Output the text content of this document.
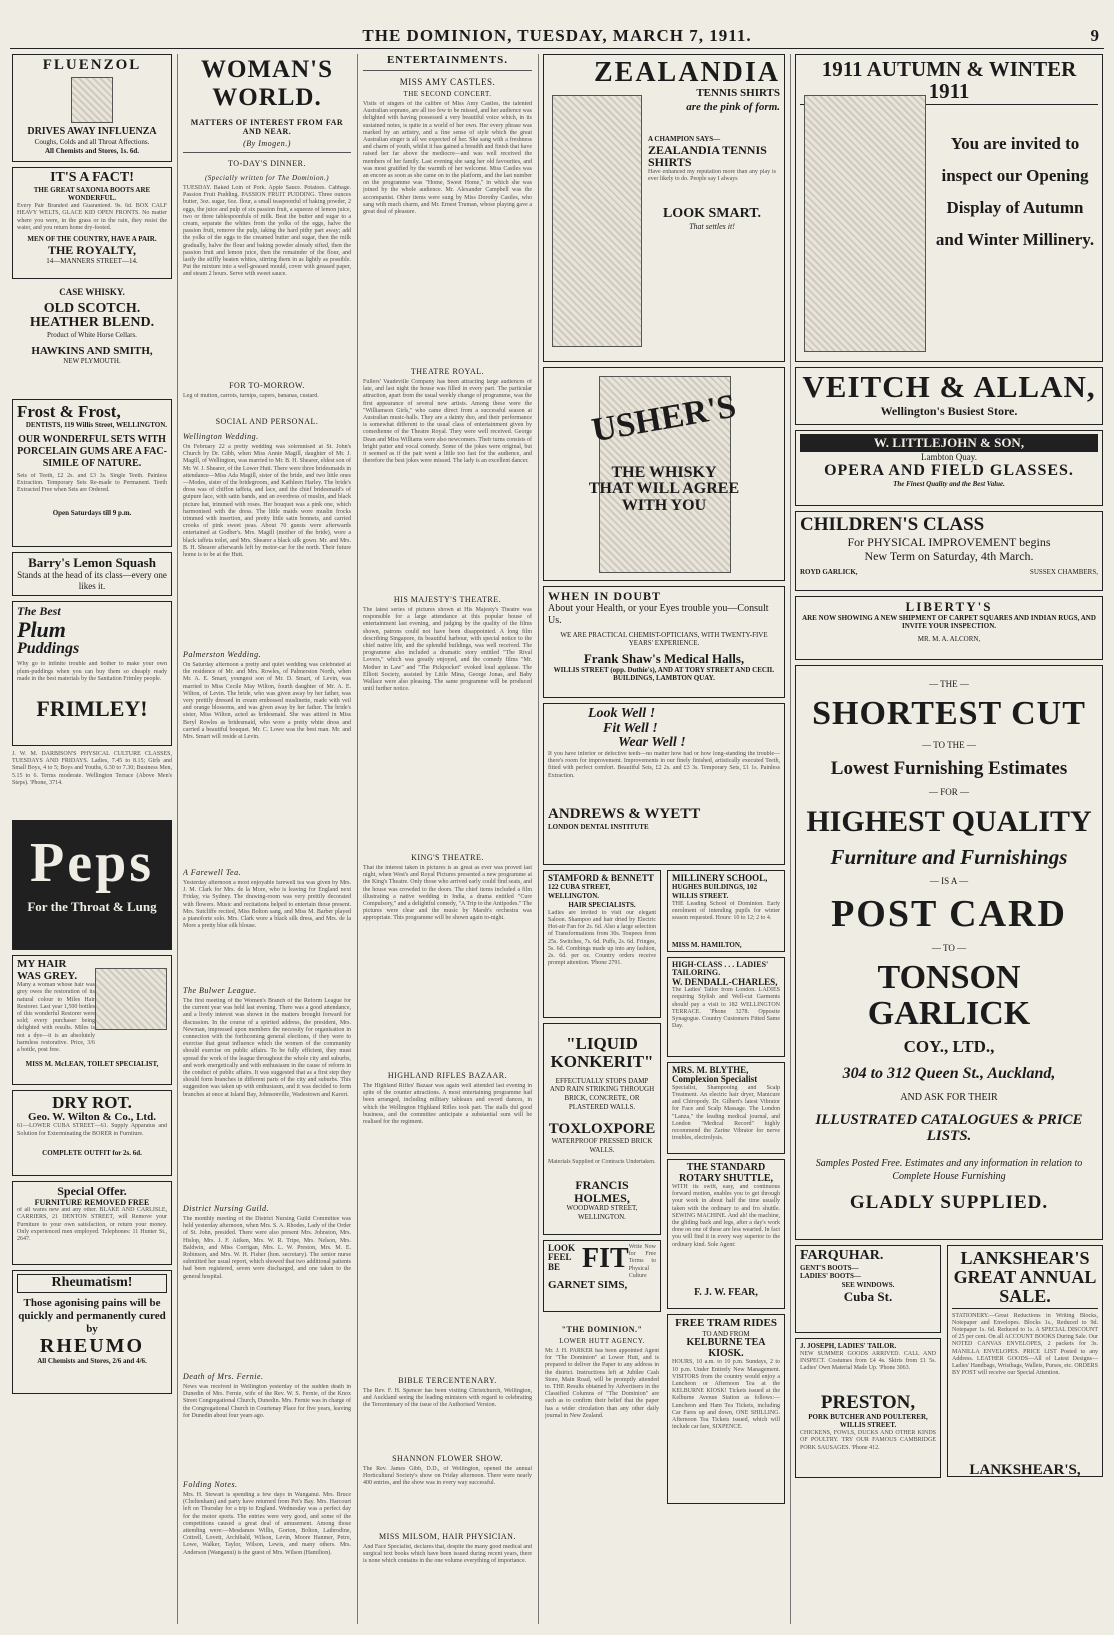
THE DOMINION, TUESDAY, MARCH 7, 1911.	9
FLUENZOL
DRIVES AWAY INFLUENZA
Coughs, Colds and all Throat Affections.
All Chemists and Stores, 1s. 6d.
IT'S A FACT!
THE GREAT SAXONIA BOOTS ARE WONDERFUL.
Every Pair Branded and Guaranteed. 9s. 6d. BOX CALF HEAVY WELTS, GLACE KID OPEN FRONTS. No matter where you were, in the grass or in the rain, they resist the water, and you return home dry-footed.
MEN OF THE COUNTRY, HAVE A PAIR.
THE ROYALTY,
14—MANNERS STREET—14.
CASE WHISKY.
OLD SCOTCH.
HEATHER BLEND.
Product of White Horse Cellars.
HAWKINS AND SMITH,
NEW PLYMOUTH.
Frost & Frost,
DENTISTS, 119 Willis Street, WELLINGTON.
OUR WONDERFUL SETS WITH PORCELAIN GUMS ARE A FAC-SIMILE OF NATURE.
Sets of Teeth, £2 2s. and £3 3s. Single Teeth. Painless Extraction. Temporary Sets Re-made to Permanent. Teeth Extracted Free when Sets are Ordered.
Open Saturdays till 9 p.m.
Barry's Lemon Squash
Stands at the head of its class—every one likes it.
The Best
Plum
Puddings
Why go to infinite trouble and bother to make your own plum-puddings when you can buy them so cheaply ready made in the best materials by the Sanitation Frimley people.
FRIMLEY!
J. W. M. DARBISON'S PHYSICAL CULTURE CLASSES, TUESDAYS AND FRIDAYS. Ladies, 7.45 to 8.15; Girls and Small Boys, 4 to 5; Boys and Youths, 6.30 to 7.30; Business Men, 5.15 to 6. Terms moderate. Wellington Terrace (Above Men's Steps). 'Phone, 3714.
Peps
For the Throat & Lung
MY HAIR WAS GREY.
Many a woman whose hair was grey owes the restoration of its natural colour to Miles Hair Restorer. Last year 1,500 bottles of this wonderful Restorer were sold; every purchaser being delighted with results. Miles is not a dye—it is an absolutely harmless restorative. Price, 3/6 a bottle, post free.
MISS M. McLEAN, TOILET SPECIALIST,
DRY ROT.
Geo. W. Wilton & Co., Ltd.
61—LOWER CUBA STREET—61. Supply Apparatus and Solution for Exterminating the BORER in Furniture.
COMPLETE OUTFIT for 2s. 6d.
Special Offer.
FURNITURE REMOVED FREE
of all wares new and any other. BLAKE AND CARLISLE, CARRIERS, 21 DENTON STREET, will Remove your Furniture to your own satisfaction, or return your money. Only experienced men employed. Telephones: 11 Hunter St., 2647.
Rheumatism!
Those agonising pains will be quickly and permanently cured by
RHEUMO
All Chemists and Stores, 2/6 and 4/6.
WOMAN'S WORLD.
MATTERS OF INTEREST FROM FAR AND NEAR.
(By Imogen.)
TO-DAY'S DINNER.
(Specially written for The Dominion.)
TUESDAY. Baked Loin of Pork. Apple Sauce. Potatoes. Cabbage. Passion Fruit Pudding. PASSION FRUIT PUDDING. Three ounces butter, 3oz. sugar, 6oz. flour, a small teaspoonful of baking powder, 2 eggs, the juice and pulp of six passion fruit, a squeeze of lemon juice, two or three tablespoonfuls of milk. Beat the butter and sugar to a cream, separate the whites from the yolks of the eggs, halve the passion fruit, remove the pulp, taking the hard pithy part away; add the yolks of the eggs to the creamed butter and sugar, then the milk gradually, halve the flour and baking powder already sifted, then the passion fruit and lemon juice, then the remainder of the flour, and lastly the stiffly beaten whites, stirring them in as lightly as possible. Put the mixture into a well-greased mould, cover with greased paper, and steam 2 hours. Serve with sweet sauce.
FOR TO-MORROW.
Leg of mutton, carrots, turnips, capers, bananas, custard.
SOCIAL AND PERSONAL.
Wellington Wedding.
On February 22 a pretty wedding was solemnised at St. John's Church by Dr. Gibb, when Miss Annie Magill, daughter of Mr. J. Magill, of Wellington, was married to Mr. B. H. Shearer, eldest son of Mr. W. J. Shearer, of the Lower Hutt. There were three bridesmaids in attendance—Miss Ada Magill, sister of the bride, and two little ones—Modes, sister of the bridegroom, and Kathleen Harley. The bride's dress was of chiffon taffeta, and lace, and the chief bridesmaid's of guipure lace, with satin bands, and an overdress of muslin, and black picture hat, trimmed with roses. Her bouquet was a pink one, which harmonised with the dress. The little maids wore muslin frocks trimmed with insertion, and pretty little satin bonnets, and carried crooks of pink sweet peas. About 70 guests were afterwards entertained at Godber's. Mrs. Magill (mother of the bride), wore a black taffeta toilet, and Mrs. Shearer a black silk gown. Mr. and Mrs. B. H. Shearer afterwards left by motor-car for the north. Their future home is to be at the Hutt.
Palmerston Wedding.
On Saturday afternoon a pretty and quiet wedding was celebrated at the residence of Mr. and Mrs. Rowles, of Palmerston North, when Mr. A. E. Smart, youngest son of Mr. D. Smart, of Levin, was married to Miss Cecile May Wilton, fourth daughter of Mr. A. E. Wilton, of Levin. The bride, who was given away by her father, was very prettily dressed in cream embossed muslinette, made with veil and orange blossoms, and was given away by her father. The bride's sister, Miss Wilton, acted as bridesmaid. She was attired in Miss Beryl Rowles as bridesmaid, who wore a pretty white dress and carried a beautiful bouquet. Mr. C. Lowe was the best man. Mr. and Mrs. Smart will reside at Levin.
A Farewell Tea.
Yesterday afternoon a most enjoyable farewell tea was given by Mrs. J. M. Clark for Mrs. de la More, who is leaving for England next Friday, via Sydney. The drawing-room was very prettily decorated with flowers. Music and recitations helped to entertain those present. Mrs. Sutcliffe recited, Miss Bolton sang, and Miss M. Barber played a pianoforte solo. Mrs. Clark wore a black silk dress, and Mrs. de la More a pretty blue silk blouse.
The Bulwer League.
The first meeting of the Women's Branch of the Reform League for the current year was held last evening. There was a good attendance, and a lively interest was shown in the matters brought forward for discussion. In the course of a spirited address, the president, Mrs. Newman, impressed upon members the necessity for organisation in connection with the forthcoming general elections, if they were to exercise that great influence which the women of the community should exercise on public affairs. To be fully efficient, they must spread the work of the league throughout the whole city and suburbs, and work energetically and with enthusiasm in the cause of reform in the conduct of public affairs. It was suggested that as a first step they should form branches in different parts of the city and suburbs. This suggestion was taken up with enthusiasm, and it was decided to form branches at once at Island Bay, Johnsonville, Wadestown and Karori.
District Nursing Guild.
The monthly meeting of the District Nursing Guild Committee was held yesterday afternoon, when Mrs. S. A. Rhodes, Lady of the Order of St. John, presided. There were also present Mrs. Johnston, Mrs. Hislop, Mrs. J. F. Aitken, Mrs. W. R. Tripe, Mrs. Nelson, Mrs. Baldwin, and Miss Corrigan, Mrs. L. W. Preston, Mrs. M. E. Robinson, and Mrs. W. H. Fisher (hon. secretary). The senior nurse submitted her usual report, which showed that two additional patients had been registered, seven were discharged, and one taken to the general hospital.
Death of Mrs. Fernie.
News was received in Wellington yesterday of the sudden death in Dunedin of Mrs. Fernie, wife of the Rev. W. S. Fernie, of the Knox Street Congregational Church, Dunedin. Mrs. Fernie was in charge of the Congregational Church in Courtenay Place for five years, leaving for Dunedin about four years ago.
Folding Notes.
Mrs. H. Stewart is spending a few days in Wanganui. Mrs. Bruce (Cheltenham) and party have returned from Pet's Bay. Mrs. Harcourt left on Thursday for a trip to England. Wednesday was a perfect day for the motor sports. The entries were very good, and some of the competitions caused a great deal of amusement. Among those attending were:—Mesdames Willis, Gorton, Bolton, Lathrodine, Cottrell, Lovett, Archibald, Wilson, Levin, Moore Hanmer, Petre, Lowe, Walker, Taylor, Wilson, Lewis, and many others. Mrs. Anderson (Wanganui) is the guest of Mrs. Wilson (Hamilton).
ENTERTAINMENTS.
MISS AMY CASTLES.
THE SECOND CONCERT.
Visits of singers of the calibre of Miss Amy Castles, the talented Australian soprano, are all too few to be missed, and her audience was delighted with having possessed a very beautiful voice which, in its sustained notes, is quite in a world of her own. Her every phrase was marked by an artistry, and a fine sense of style which the great Australian singer is all we expected of her. She sang with a freshness and charm of youth, whilst it has gained a breadth and finish that have raised her far above the mediocre—and was well received the members of her family. Last evening she sang her old favourites, and was most gratified by the warmth of her welcome. Miss Castles was an encore as soon as she came on to the platform, and the last number on the programme was "Home, Sweet Home," in which she was joined by the whole audience. Mr. Alexander Campbell was the accompanist. Other items were sung by Miss Dorothy Castles, who sang with much charm, and Mr. Ernest Truman, whose playing gave a great deal of pleasure.
THEATRE ROYAL.
Fullers' Vaudeville Company has been attracting large audiences of late, and last night the house was filled in every part. The particular attraction, apart from the usual weekly change of programme, was the first appearance of several new artists. Among these were the "Williamson Girls," who came direct from a successful season at Australian music-halls. They are a dainty duo, and their performance is somewhat different to the usual class of entertainment given by comedienne of the Theatre Royal. They were well received. George Dean and Miss Williams were also newcomers. Their turns consists of bright patter and vocal comedy. Some of the jokes were original, but it seemed as if the pair went a little too fast for the audience, and therefore the best jokes were missed. The lady is an excellent dancer.
HIS MAJESTY'S THEATRE.
The latest series of pictures shown at His Majesty's Theatre was responsible for a large attendance at this popular house of entertainment last evening, and judging by the quality of the films shown, patrons could not have been disappointed. A long film describing Singapore, its beautiful harbour, with special notice to the chief native life, and the splendid buildings, was well received. The programme also included a dramatic story entitled "The Rival Lovers," which was greatly enjoyed, and the comedy films "Mr. Mother in Law" and "The Pickpocket" evoked loud applause. The Elliott Society, assisted by Little Mina, George Jonas, and Baby Wallace were also pleasing. The same programme will be produced until further notice.
KING'S THEATRE.
That the interest taken in pictures is as great as ever was proved last night, when West's and Royal Pictures presented a new programme at the King's Theatre. Only those who arrived early could find seats, and the house was crowded to the doors. The chief items included a film illustrating a native wedding in India, a drama entitled "Cure Compulsory," and a delightful comedy, "A Trip to the Antipodes." The pictures were clear and the music by Marsh's orchestra was appropriate. This programme will be shown again to-night.
HIGHLAND RIFLES BAZAAR.
The Highland Rifles' Bazaar was again well attended last evening in spite of the counter attractions. A most entertaining programme had been arranged, including military tableaux and sword dances, in which the Wellington Highland Rifles took part. The stalls did good business, and the committee anticipate a substantial sum will be realised for the regiment.
ZEALANDIA
TENNIS SHIRTS
are the pink of form.
A CHAMPION SAYS—
ZEALANDIA TENNIS SHIRTS
Have enhanced my reputation more than any play is ever likely to do. People say I always
LOOK SMART.
That settles it!
USHER'S
THE WHISKY THAT WILL AGREE WITH YOU
WHEN IN DOUBT
About your Health, or your Eyes trouble you—Consult Us.
WE ARE PRACTICAL CHEMIST-OPTICIANS, WITH TWENTY-FIVE YEARS' EXPERIENCE.
Frank Shaw's Medical Halls,
WILLIS STREET (opp. Duthie's), AND AT TORY STREET AND CECIL BUILDINGS, LAMBTON QUAY.
Look Well !
Fit Well !
Wear Well !
If you have inferior or defective teeth—no matter how bad or how long-standing the trouble—there's room for improvement. Improvements in our finely finished, artistically executed Teeth, fitted with perfect comfort. Beautiful Sets, £2 2s. and £3 3s. Temporary Sets, £1 1s. Painless Extraction.
ANDREWS & WYETT
LONDON DENTAL INSTITUTE
STAMFORD & BENNETT
122 CUBA STREET, WELLINGTON.
HAIR SPECIALISTS.
Ladies are invited to visit our elegant Saloon. Shampoo and hair dried by Electric Hot-air Fan for 2s. 6d. Also a large selection of Transformations from 30s. Toupees from 25s. Switches, 7s. 6d. Puffs, 2s. 6d. Fringes, 5s. 6d. Combings made up into any fashion, 2s. 6d. per oz. Country orders receive prompt attention. 'Phone 2791.
"LIQUID KONKERIT"
EFFECTUALLY STOPS DAMP AND RAIN STRIKING THROUGH BRICK, CONCRETE, OR PLASTERED WALLS.
TOXLOXPORE
WATERPROOF PRESSED BRICK WALLS.
Materials Supplied or Contracts Undertaken.
FRANCIS HOLMES,
WOODWARD STREET, WELLINGTON.
LOOK FEEL BE FIT Write Now for Free Terms to Physical Culture
GARNET SIMS,
"THE DOMINION."
LOWER HUTT AGENCY.
Mr. J. H. PARKER has been appointed Agent for "The Dominion" at Lower Hutt, and is prepared to deliver the Paper to any address in the district. Instructions left at Jubilee Cash Store, Main Road, will be promptly attended to. THE Results obtained by Advertisers in the Classified Columns of "The Dominion" are such as to confirm their belief that the paper has a wider circulation than any other daily journal in New Zealand.
MILLINERY SCHOOL,
HUGHES BUILDINGS, 102 WILLIS STREET.
THE Leading School of Dominion. Early enrolment of intending pupils for winter season requested. Hours: 10 to 12; 2 to 4.
MISS M. HAMILTON,
HIGH-CLASS . . . LADIES' TAILORING.
W. DENDALL-CHARLES,
The Ladies' Tailor from London. LADIES requiring Stylish and Well-cut Garments should pay a visit to 182 WELLINGTON TERRACE. 'Phone 3278. Opposite Synagogue. Country Customers Fitted Same Day.
MRS. M. BLYTHE, Complexion Specialist
Specialist, Shampooing and Scalp Treatment. An electric hair dryer, Manicure and Chiropody. Dr. Gilbert's latest Vibrator for Face and Scalp Massage. The London "Lanza," the leading medical journal, and London "Medical Record" highly recommend the Zarine Vibrator for nerve troubles, electrolysis.
THE STANDARD ROTARY SHUTTLE,
WITH its swift, easy, and continuous forward motion, enables you to get through your work in about half the time usually taken with the ordinary to and fro shuttle. SEWING MACHINE. And ah! the machine, the gliding back and legs, after a day's work done on one of these are less wearied. In fact you will find it in every way superior to the ordinary kind. Sole Agent:
F. J. W. FEAR,
FREE TRAM RIDES
TO AND FROM
KELBURNE TEA KIOSK.
HOURS, 10 a.m. to 10 p.m. Sundays, 2 to 10 p.m. Under Entirely New Management. VISITORS from the country would enjoy a Luncheon or Afternoon Tea at the KELBURNE KIOSK! Tickets issued at the Kelburne Avenue Station as follows:—Luncheon and Ham Tea Tickets, including Car Fares up and down, ONE SHILLING. Afternoon Tea Tickets issued, which will include car fare, SIXPENCE.
1911 AUTUMN & WINTER 1911
You are invited to
inspect our Opening
Display of Autumn
and Winter Millinery.
VEITCH & ALLAN,
Wellington's Busiest Store.
W. LITTLEJOHN & SON,
Lambton Quay.
OPERA AND FIELD GLASSES.
The Finest Quality and the Best Value.
CHILDREN'S CLASS
For PHYSICAL IMPROVEMENT begins
New Term on Saturday, 4th March.
ROYD GARLICK,	SUSSEX CHAMBERS,
LIBERTY'S
ARE NOW SHOWING A NEW SHIPMENT OF CARPET SQUARES AND INDIAN RUGS, AND INVITE YOUR INSPECTION.
MR. M. A. ALCORN,
— THE —
SHORTEST CUT
— TO THE —
Lowest Furnishing Estimates
— FOR —
HIGHEST QUALITY
Furniture and Furnishings
— IS A —
POST CARD
— TO —
TONSON GARLICK
COY., LTD.,
304 to 312 Queen St., Auckland,
AND ASK FOR THEIR
ILLUSTRATED CATALOGUES & PRICE LISTS.
Samples Posted Free. Estimates and any information in relation to Complete House Furnishing
GLADLY SUPPLIED.
FARQUHAR.
GENT'S BOOTS—
LADIES' BOOTS—
SEE WINDOWS.
Cuba St.
J. JOSEPH, LADIES' TAILOR.
NEW SUMMER GOODS ARRIVED. CALL AND INSPECT. Costumes from £4 4s. Skirts from £1 5s. Ladies' Own Material Made Up. 'Phone 3063.
PRESTON,
PORK BUTCHER AND POULTERER, WILLIS STREET.
CHICKENS, FOWLS, DUCKS AND OTHER KINDS OF POULTRY. TRY OUR FAMOUS CAMBRIDGE PORK SAUSAGES. 'Phone 412.
LANKSHEAR'S GREAT ANNUAL SALE.
STATIONERY.—Great Reductions in Writing Blocks, Notepaper and Envelopes. Blocks 1s., Reduced to 9d. Notepaper 1s. 6d. Reduced to 1s. A SPECIAL DISCOUNT of 25 per cent. On all ACCOUNT BOOKS During Sale. Our NOTED CANVAS ENVELOPES, 2 packets for 3s. MANILLA ENVELOPES. PRICE LIST Posted to any Address. LEATHER GOODS—All of Latest Designs—Ladies' Handbags, Wristbags, Wallets, Purses, etc. ORDERS BY POST will receive our Special Attention.
LANKSHEAR'S,
BIBLE TERCENTENARY.
The Rev. F. H. Spencer has been visiting Christchurch, Wellington, and Auckland seeing the leading ministers with regard to celebrating the Tercentenary of the issue of the Authorised Version.
SHANNON FLOWER SHOW.
The Rev. James Gibb, D.D., of Wellington, opened the annual Horticultural Society's show on Friday afternoon. There were nearly 400 entries, and the show was in every way successful.
MISS MILSOM, HAIR PHYSICIAN.
And Face Specialist, declares that, despite the many good medical and surgical text books which have been issued during recent years, there is none which contains in the one volume everything of importance.
